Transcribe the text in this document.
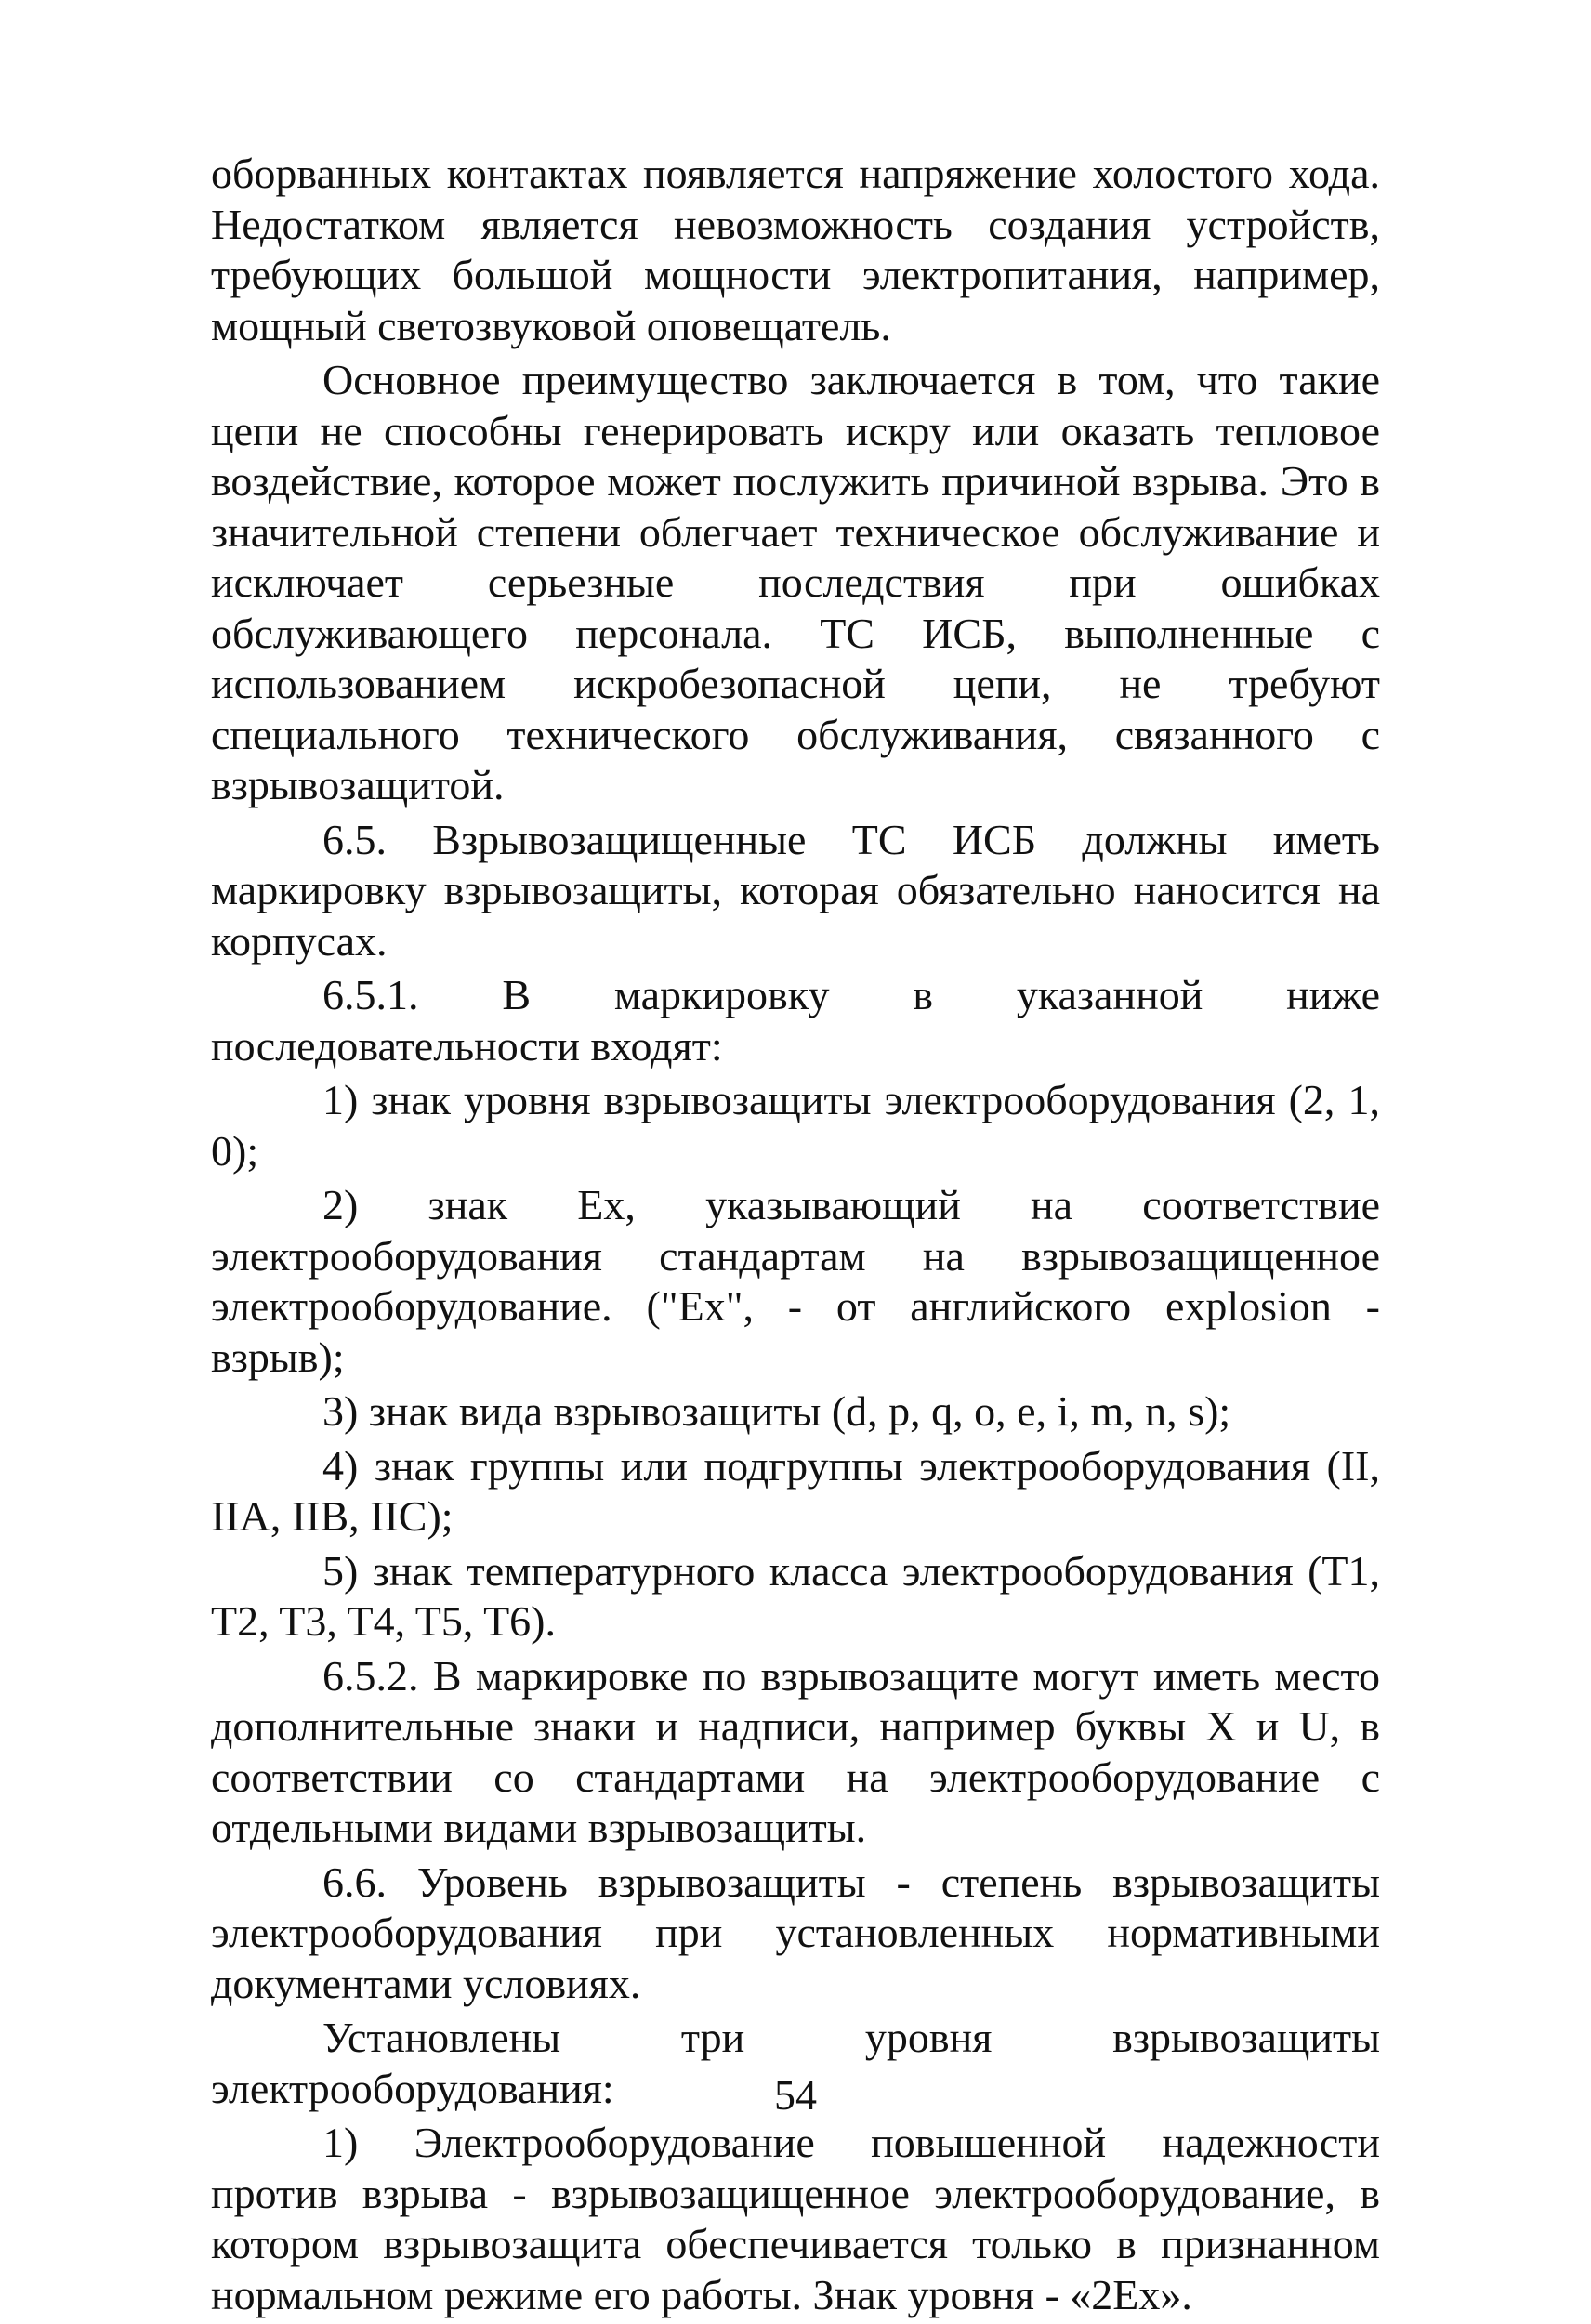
оборванных контактах появляется напряжение холостого хода. Недостатком является невозможность создания устройств, требующих большой мощности электропитания, например, мощный светозвуковой оповещатель.

Основное преимущество заключается в том, что такие цепи не способны генерировать искру или оказать тепловое воздействие, которое может послужить причиной взрыва. Это в значительной степени облегчает техническое обслуживание и исключает серьезные последствия при ошибках обслуживающего персонала. ТС ИСБ, выполненные с использованием искробезопасной цепи, не требуют специального технического обслуживания, связанного с взрывозащитой.

6.5. Взрывозащищенные ТС ИСБ должны иметь маркировку взрывозащиты, которая обязательно наносится на корпусах.

6.5.1. В маркировку в указанной ниже последовательности входят:

1) знак уровня взрывозащиты электрооборудования (2, 1, 0);

2) знак Ex, указывающий на соответствие электрооборудования стандартам на взрывозащищенное электрооборудование. ("Ex", - от английского explosion - взрыв);

3) знак вида взрывозащиты (d, p, q, o, e, i, m, n, s);

4) знак группы или подгруппы электрооборудования (II, IIA, IIB, IIC);

5) знак температурного класса электрооборудования (T1, T2, T3, T4, T5, T6).

6.5.2. В маркировке по взрывозащите могут иметь место дополнительные знаки и надписи, например буквы X и U, в соответствии со стандартами на электрооборудование с отдельными видами взрывозащиты.

6.6. Уровень взрывозащиты - степень взрывозащиты электрооборудования при установленных нормативными документами условиях.

Установлены три уровня взрывозащиты электрооборудования:

1) Электрооборудование повышенной надежности против взрыва - взрывозащищенное электрооборудование, в котором взрывозащита обеспечивается только в признанном нормальном режиме его работы. Знак уровня - «2Ex».

54
